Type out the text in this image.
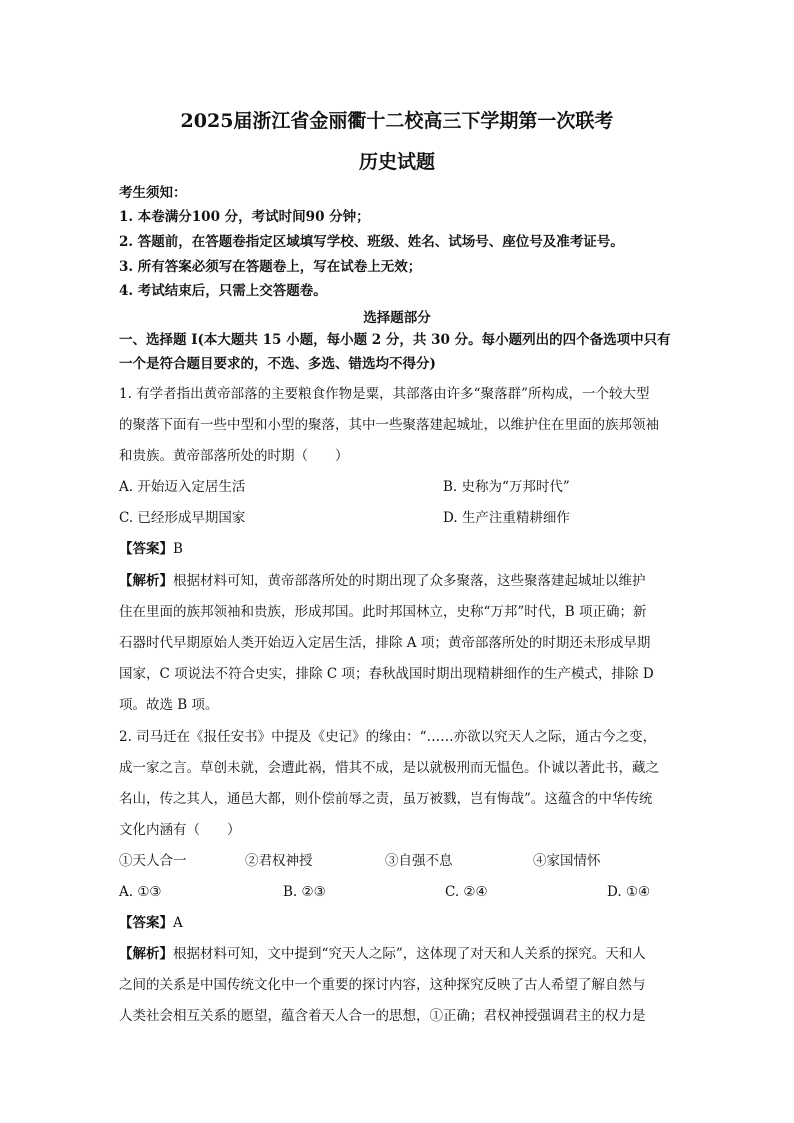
2025届浙江省金丽衢十二校高三下学期第一次联考
历史试题
考生须知：
1. 本卷满分100 分，考试时间90 分钟；
2. 答题前，在答题卷指定区域填写学校、班级、姓名、试场号、座位号及准考证号。
3. 所有答案必须写在答题卷上，写在试卷上无效；
4. 考试结束后，只需上交答题卷。
选择题部分
一、选择题 I(本大题共 15 小题，每小题 2 分，共 30 分。每小题列出的四个备选项中只有
一个是符合题目要求的，不选、多选、错选均不得分)
1. 有学者指出黄帝部落的主要粮食作物是粟，其部落由许多“聚落群”所构成，一个较大型
的聚落下面有一些中型和小型的聚落，其中一些聚落建起城址，以维护住在里面的族邦领袖
和贵族。黄帝部落所处的时期（　　）
A. 开始迈入定居生活	B. 史称为“万邦时代”
C. 已经形成早期国家	D. 生产注重精耕细作
【答案】B
【解析】根据材料可知，黄帝部落所处的时期出现了众多聚落，这些聚落建起城址以维护
住在里面的族邦领袖和贵族，形成邦国。此时邦国林立，史称“万邦”时代，B 项正确；新
石器时代早期原始人类开始迈入定居生活，排除 A 项；黄帝部落所处的时期还未形成早期
国家，C 项说法不符合史实，排除 C 项；春秋战国时期出现精耕细作的生产模式，排除 D
项。故选 B 项。
2. 司马迁在《报任安书》中提及《史记》的缘由：“……亦欲以究天人之际，通古今之变，
成一家之言。草创未就，会遭此祸，惜其不成，是以就极刑而无愠色。仆诚以著此书，藏之
名山，传之其人，通邑大都，则仆偿前辱之责，虽万被戮，岂有悔哉”。这蕴含的中华传统
文化内涵有（　　）
①天人合一	②君权神授	③自强不息	④家国情怀
A. ①③	B. ②③	C. ②④	D. ①④
【答案】A
【解析】根据材料可知，文中提到“究天人之际”，这体现了对天和人关系的探究。天和人
之间的关系是中国传统文化中一个重要的探讨内容，这种探究反映了古人希望了解自然与
人类社会相互关系的愿望，蕴含着天人合一的思想，①正确；君权神授强调君主的权力是
